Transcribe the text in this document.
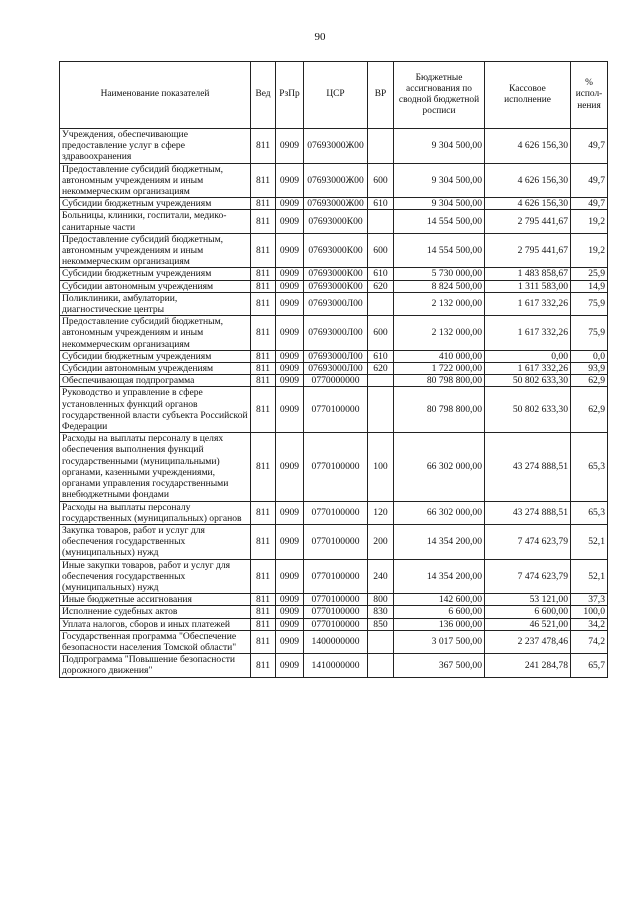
90
Наименование показателей	Вед	РзПр	ЦСР	ВР	Бюджетные ассигнования по сводной бюджетной росписи	Кассовое исполнение	% испол-нения
Учреждения, обеспечивающие предоставление услуг в сфере здравоохранения	811	0909	07693000Ж00		9 304 500,00	4 626 156,30	49,7
Предоставление субсидий бюджетным, автономным учреждениям и иным некоммерческим организациям	811	0909	07693000Ж00	600	9 304 500,00	4 626 156,30	49,7
Субсидии бюджетным учреждениям	811	0909	07693000Ж00	610	9 304 500,00	4 626 156,30	49,7
Больницы, клиники, госпитали, медико-санитарные части	811	0909	07693000К00		14 554 500,00	2 795 441,67	19,2
Предоставление субсидий бюджетным, автономным учреждениям и иным некоммерческим организациям	811	0909	07693000К00	600	14 554 500,00	2 795 441,67	19,2
Субсидии бюджетным учреждениям	811	0909	07693000К00	610	5 730 000,00	1 483 858,67	25,9
Субсидии автономным учреждениям	811	0909	07693000К00	620	8 824 500,00	1 311 583,00	14,9
Поликлиники, амбулатории, диагностические центры	811	0909	07693000Л00		2 132 000,00	1 617 332,26	75,9
Предоставление субсидий бюджетным, автономным учреждениям и иным некоммерческим организациям	811	0909	07693000Л00	600	2 132 000,00	1 617 332,26	75,9
Субсидии бюджетным учреждениям	811	0909	07693000Л00	610	410 000,00	0,00	0,0
Субсидии автономным учреждениям	811	0909	07693000Л00	620	1 722 000,00	1 617 332,26	93,9
Обеспечивающая подпрограмма	811	0909	0770000000		80 798 800,00	50 802 633,30	62,9
Руководство и управление в сфере установленных функций органов государственной власти субъекта Российской Федерации	811	0909	0770100000		80 798 800,00	50 802 633,30	62,9
Расходы на выплаты персоналу в целях обеспечения выполнения функций государственными (муниципальными) органами, казенными учреждениями, органами управления государственными внебюджетными фондами	811	0909	0770100000	100	66 302 000,00	43 274 888,51	65,3
Расходы на выплаты персоналу государственных (муниципальных) органов	811	0909	0770100000	120	66 302 000,00	43 274 888,51	65,3
Закупка товаров, работ и услуг для обеспечения государственных (муниципальных) нужд	811	0909	0770100000	200	14 354 200,00	7 474 623,79	52,1
Иные закупки товаров, работ и услуг для обеспечения государственных (муниципальных) нужд	811	0909	0770100000	240	14 354 200,00	7 474 623,79	52,1
Иные бюджетные ассигнования	811	0909	0770100000	800	142 600,00	53 121,00	37,3
Исполнение судебных актов	811	0909	0770100000	830	6 600,00	6 600,00	100,0
Уплата налогов, сборов и иных платежей	811	0909	0770100000	850	136 000,00	46 521,00	34,2
Государственная программа "Обеспечение безопасности населения Томской области"	811	0909	1400000000		3 017 500,00	2 237 478,46	74,2
Подпрограмма "Повышение безопасности дорожного движения"	811	0909	1410000000		367 500,00	241 284,78	65,7
